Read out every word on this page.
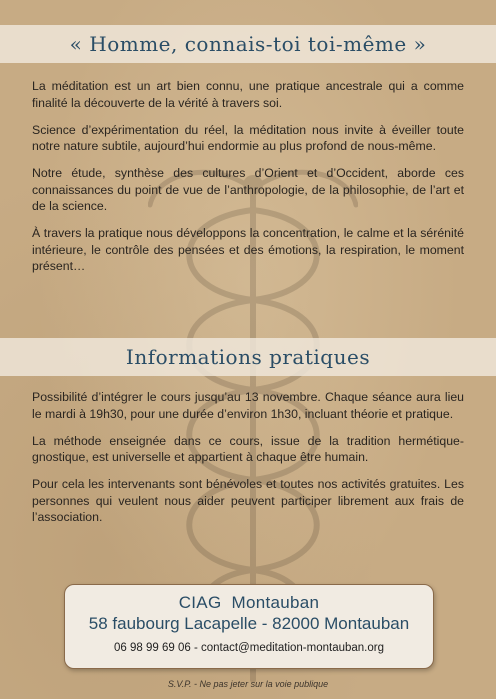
« Homme, connais-toi toi-même »

La méditation est un art bien connu, une pratique ancestrale qui a comme finalité la découverte de la vérité à travers soi.

Science d’expérimentation du réel, la méditation nous invite à éveiller toute notre nature subtile, aujourd’hui endormie au plus profond de nous-même.

Notre étude, synthèse des cultures d’Orient et d’Occident, aborde ces connaissances du point de vue de l’anthropologie, de la philosophie, de l’art et de la science.

À travers la pratique nous développons la concentration, le calme et la sérénité intérieure, le contrôle des pensées et des émotions, la respiration, le moment présent…

Informations pratiques

Possibilité d’intégrer le cours jusqu’au 13 novembre. Chaque séance aura lieu le mardi à 19h30, pour une durée d’environ 1h30, incluant théorie et pratique.

La méthode enseignée dans ce cours, issue de la tradition hermétique-gnostique, est universelle et appartient à chaque être humain.

Pour cela les intervenants sont bénévoles et toutes nos activités gratuites. Les personnes qui veulent nous aider peuvent participer librement aux frais de l’association.

CIAG  Montauban
58 faubourg Lacapelle - 82000 Montauban
06 98 99 69 06 - contact@meditation-montauban.org
S.V.P. - Ne pas jeter sur la voie publique
